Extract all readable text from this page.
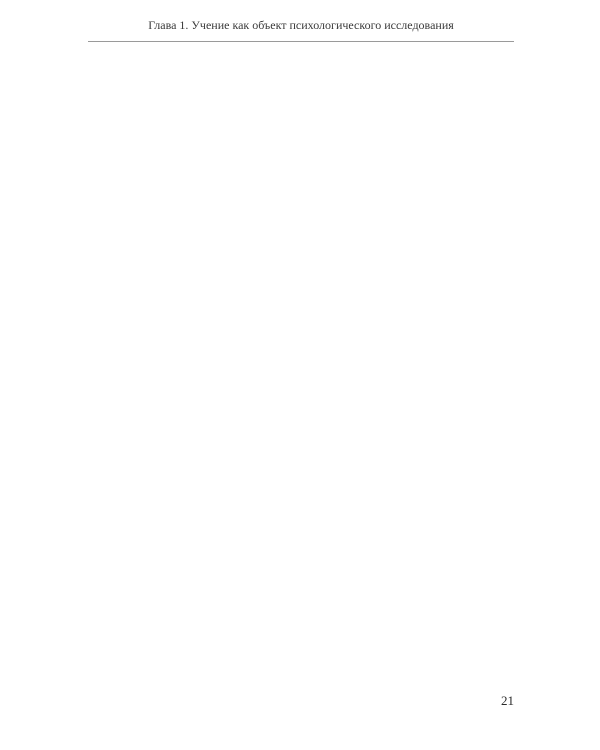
Глава 1. Учение как объект психологического исследования

21
